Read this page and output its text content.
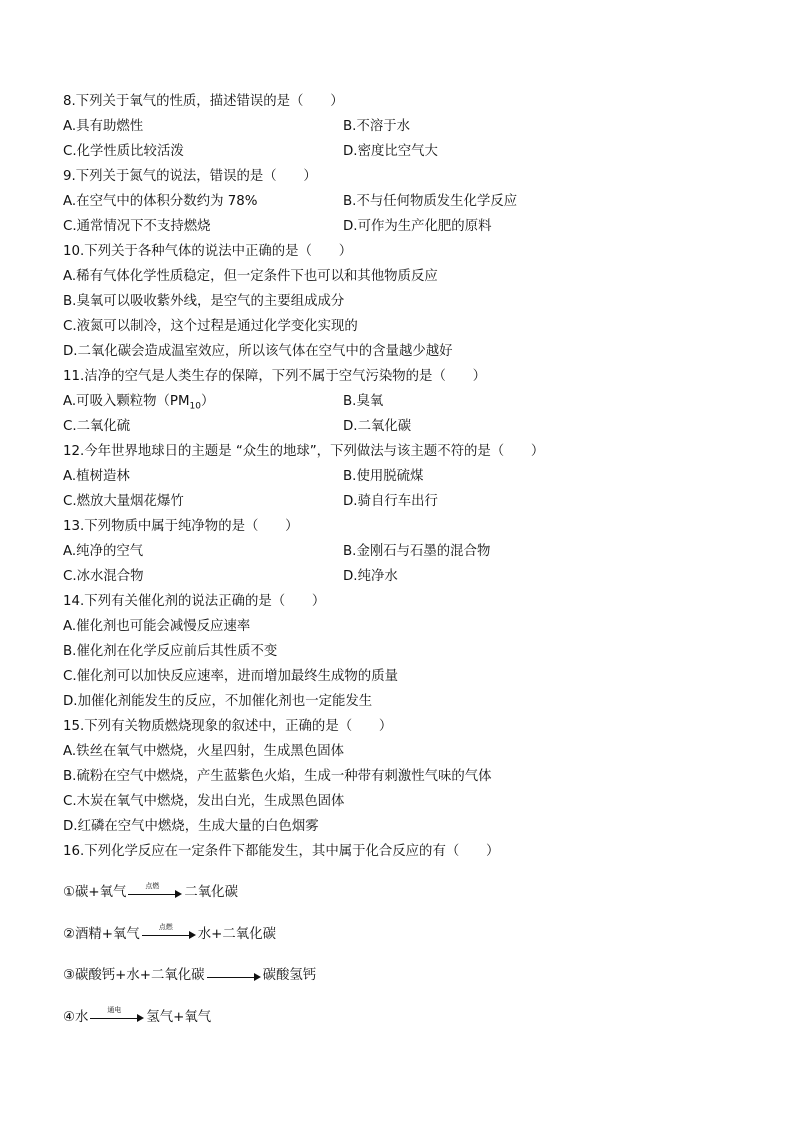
8.下列关于氧气的性质，描述错误的是（　　）
A.具有助燃性	B.不溶于水
C.化学性质比较活泼	D.密度比空气大
9.下列关于氮气的说法，错误的是（　　）
A.在空气中的体积分数约为 78%	B.不与任何物质发生化学反应
C.通常情况下不支持燃烧	D.可作为生产化肥的原料
10.下列关于各种气体的说法中正确的是（　　）
A.稀有气体化学性质稳定，但一定条件下也可以和其他物质反应
B.臭氧可以吸收紫外线，是空气的主要组成成分
C.液氮可以制冷，这个过程是通过化学变化实现的
D.二氧化碳会造成温室效应，所以该气体在空气中的含量越少越好
11.洁净的空气是人类生存的保障，下列不属于空气污染物的是（　　）
A.可吸入颗粒物$(PM_{10})$	B.臭氧
C.二氧化硫	D.二氧化碳
12.今年世界地球日的主题是 “众生的地球”，下列做法与该主题不符的是（　　）
A.植树造林	B.使用脱硫煤
C.燃放大量烟花爆竹	D.骑自行车出行
13.下列物质中属于纯净物的是（　　）
A.纯净的空气	B.金刚石与石墨的混合物
C.冰水混合物	D.纯净水
14.下列有关催化剂的说法正确的是（　　）
A.催化剂也可能会减慢反应速率
B.催化剂在化学反应前后其性质不变
C.催化剂可以加快反应速率，进而增加最终生成物的质量
D.加催化剂能发生的反应，不加催化剂也一定能发生
15.下列有关物质燃烧现象的叙述中，正确的是（　　）
A.铁丝在氧气中燃烧，火星四射，生成黑色固体
B.硫粉在空气中燃烧，产生蓝紫色火焰，生成一种带有刺激性气味的气体
C.木炭在氧气中燃烧，发出白光，生成黑色固体
D.红磷在空气中燃烧，生成大量的白色烟雾
16.下列化学反应在一定条件下都能发生，其中属于化合反应的有（　　）
①碳+氧气	点燃	二氧化碳
②酒精+氧气	点燃	水+二氧化碳
③碳酸钙+水+二氧化碳	碳酸氢钙
④水	通电	氢气+氧气
